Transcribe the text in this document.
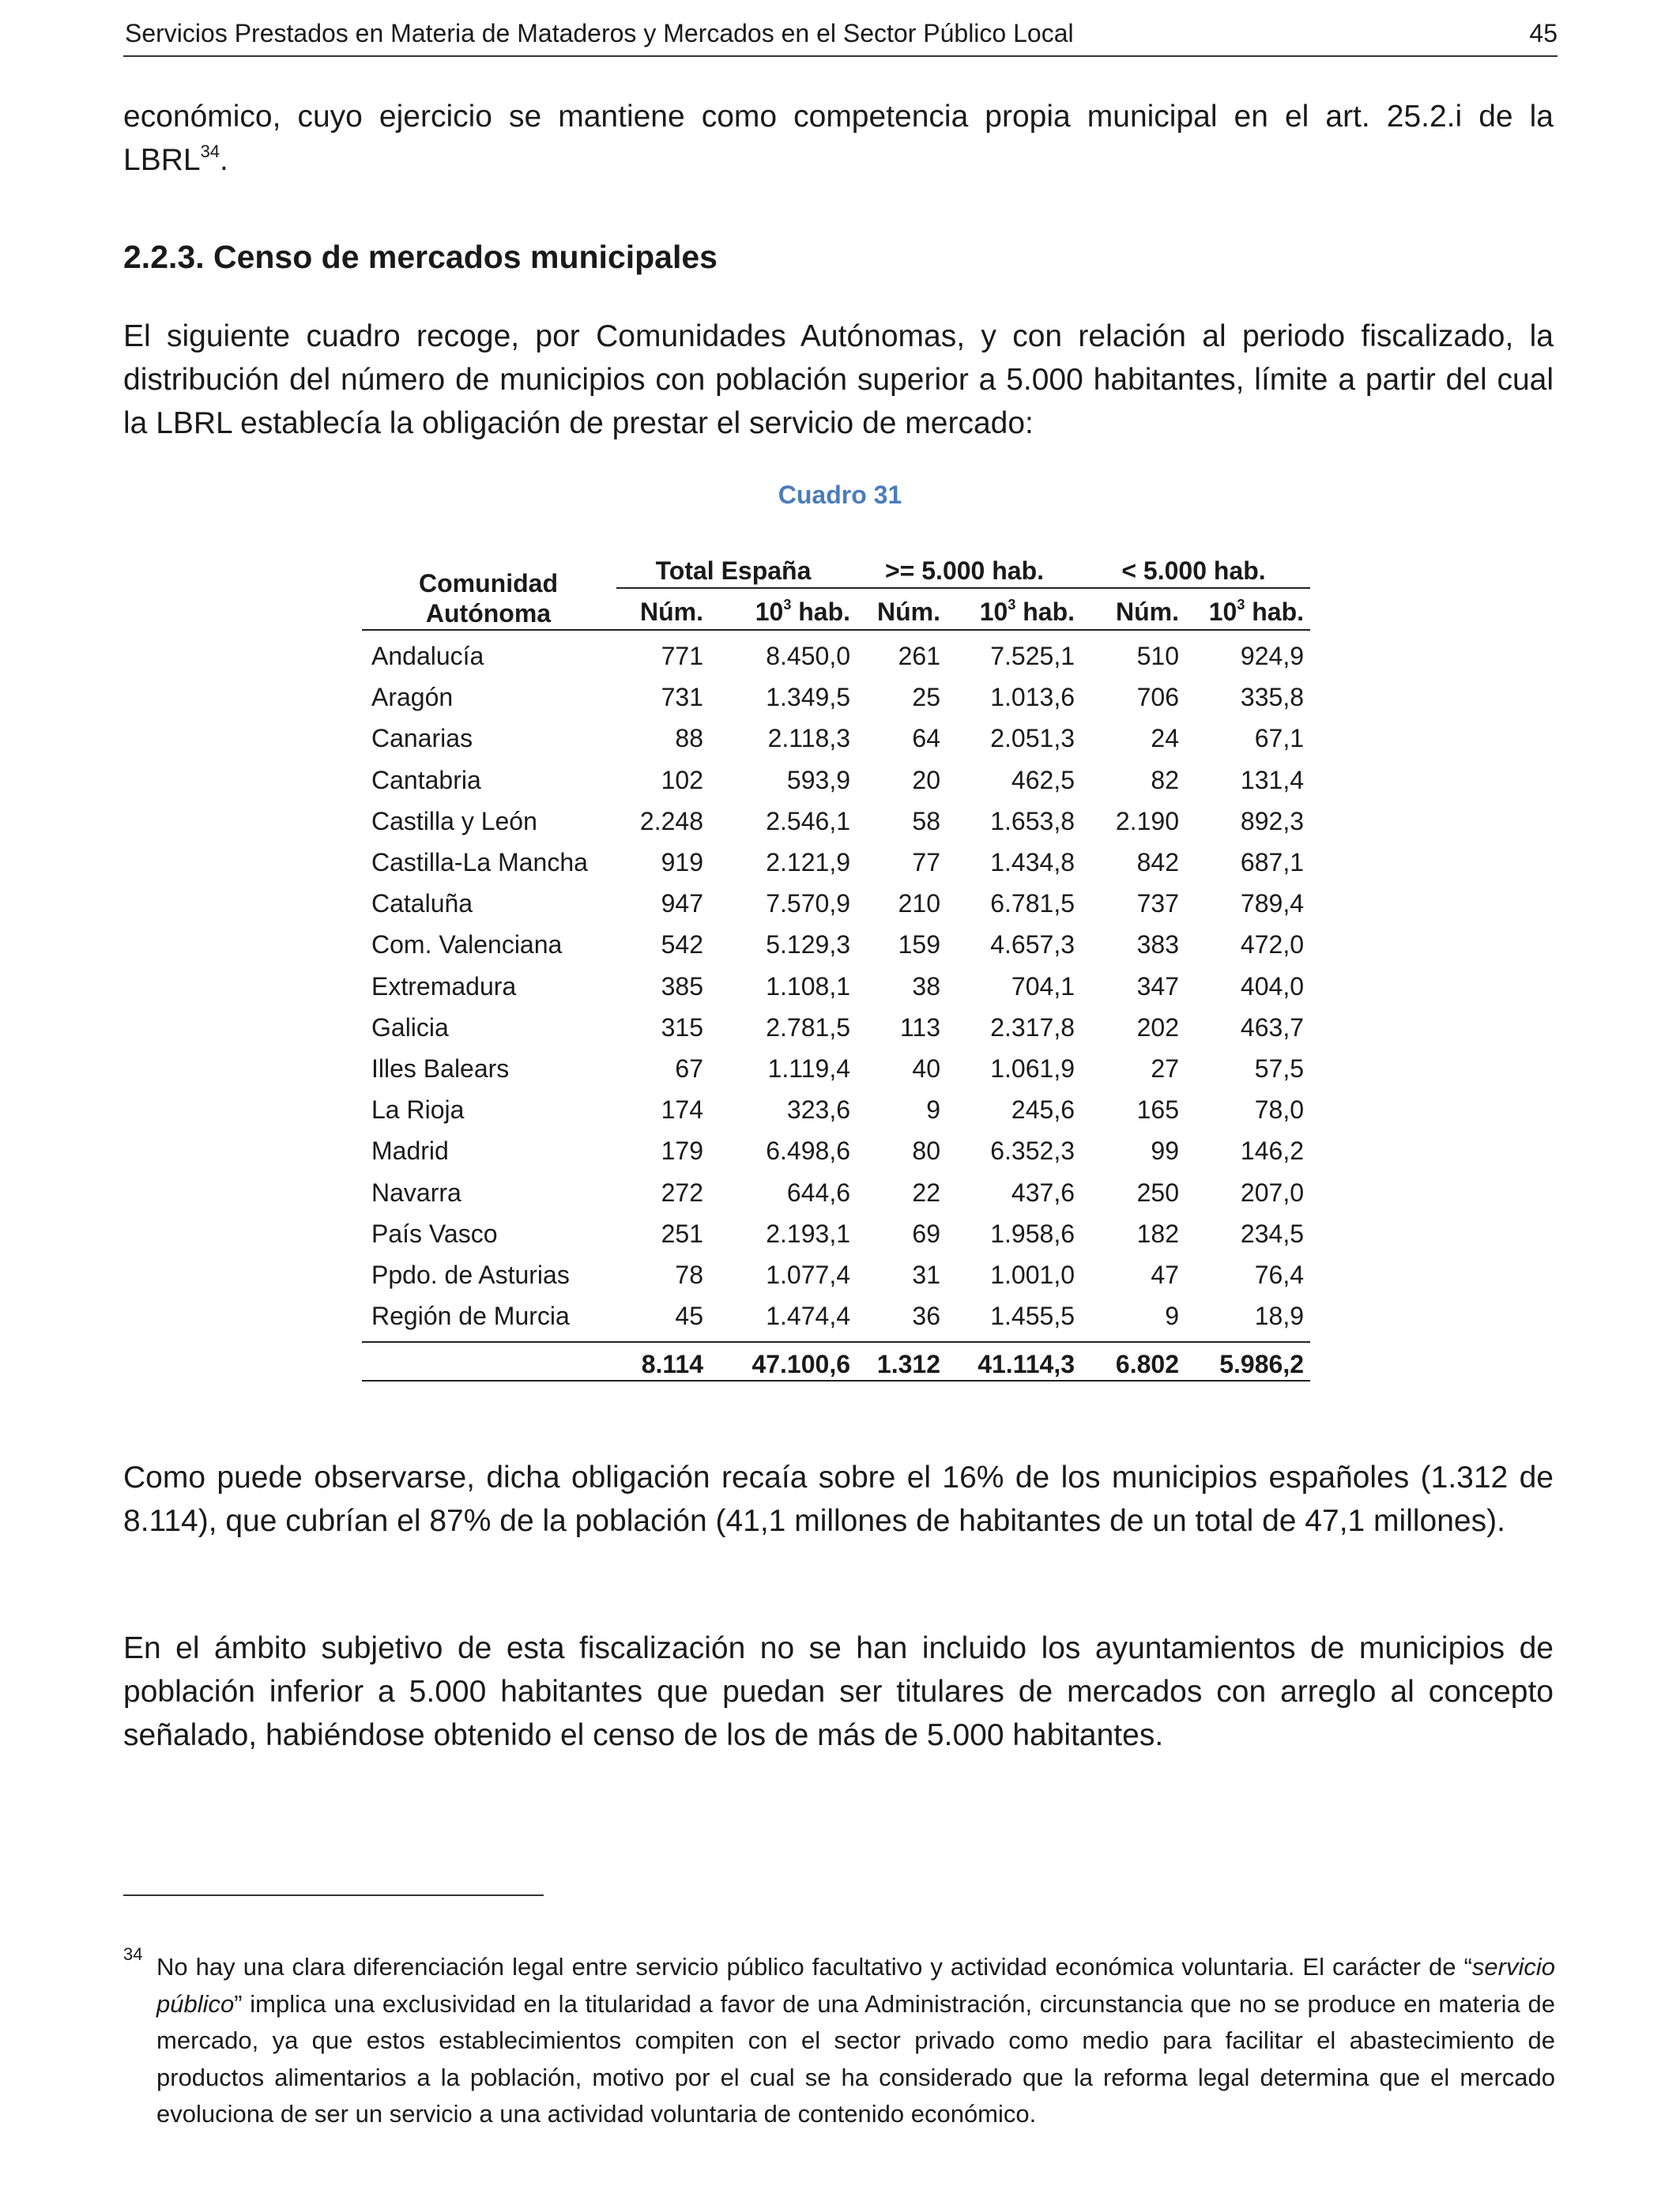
Servicios Prestados en Materia de Mataderos y Mercados en el Sector Público Local	45

económico, cuyo ejercicio se mantiene como competencia propia municipal en el art. 25.2.i de la LBRL$^{34}$.

2.2.3. Censo de mercados municipales

El siguiente cuadro recoge, por Comunidades Autónomas, y con relación al periodo fiscalizado, la distribución del número de municipios con población superior a 5.000 habitantes, límite a partir del cual la LBRL establecía la obligación de prestar el servicio de mercado:

Cuadro 31
Comunidad
Autónoma
Total España	>= 5.000 hab.	< 5.000 hab.
Núm. $10^3$ hab. Núm. $10^3$ hab. Núm. $10^3$ hab.
Andalucía	771 8.450,0 261 7.525,1 510 924,9
Aragón	731 1.349,5 25 1.013,6 706 335,8
Canarias	88	2.118,3 64 2.051,3	24	67,1
Cantabria	102	593,9 20	462,5	82 131,4
Castilla y León	2.248 2.546,1 58 1.653,8 2.190 892,3
Castilla-La Mancha	919 2.121,9 77 1.434,8 842 687,1
Cataluña	947 7.570,9 210 6.781,5 737 789,4
Com. Valenciana	542 5.129,3 159 4.657,3 383 472,0
Extremadura	385 1.108,1 38	704,1 347 404,0
Galicia	315 2.781,5 113 2.317,8 202 463,7
Illes Balears	67	1.119,4 40 1.061,9	27	57,5
La Rioja	174	323,6	9	245,6 165	78,0
Madrid	179 6.498,6 80 6.352,3	99 146,2
Navarra	272	644,6 22	437,6 250 207,0
País Vasco	251 2.193,1 69 1.958,6 182 234,5
Ppdo. de Asturias	78 1.077,4 31 1.001,0	47	76,4
Región de Murcia	45 1.474,4 36 1.455,5	9	18,9
8.114 47.100,6 1.312 41.114,3 6.802 5.986,2

Como puede observarse, dicha obligación recaía sobre el 16% de los municipios españoles (1.312 de 8.114), que cubrían el 87% de la población (41,1 millones de habitantes de un total de 47,1 millones).

En el ámbito subjetivo de esta fiscalización no se han incluido los ayuntamientos de municipios de población inferior a 5.000 habitantes que puedan ser titulares de mercados con arreglo al concepto señalado, habiéndose obtenido el censo de los de más de 5.000 habitantes.

34 No hay una clara diferenciación legal entre servicio público facultativo y actividad económica voluntaria. El carácter de “servicio público” implica una exclusividad en la titularidad a favor de una Administración, circunstancia que no se produce en materia de mercado, ya que estos establecimientos compiten con el sector privado como medio para facilitar el abastecimiento de productos alimentarios a la población, motivo por el cual se ha considerado que la reforma legal determina que el mercado evoluciona de ser un servicio a una actividad voluntaria de contenido económico.
